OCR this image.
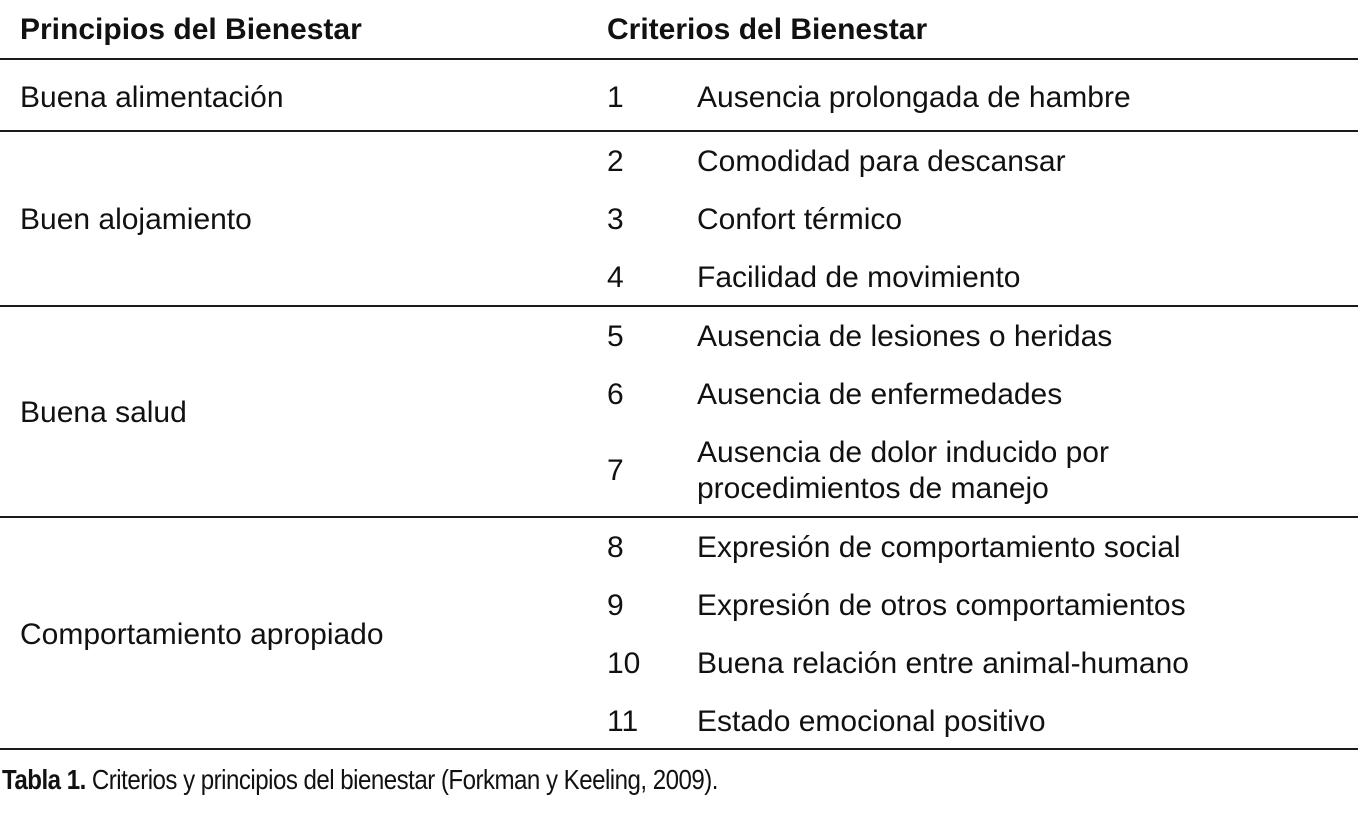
Principios del Bienestar	Criterios del Bienestar
Buena alimentación	1 Ausencia prolongada de hambre
Buen alojamiento
2 Comodidad para descansar
3 Confort térmico
4 Facilidad de movimiento
Buena salud
5 Ausencia de lesiones o heridas
6 Ausencia de enfermedades
7
Ausencia de dolor inducido por
procedimientos de manejo
Comportamiento apropiado
8 Expresión de comportamiento social
9 Expresión de otros comportamientos
10 Buena relación entre animal-humano
11 Estado emocional positivo
Tabla 1. Criterios y principios del bienestar (Forkman y Keeling, 2009).
